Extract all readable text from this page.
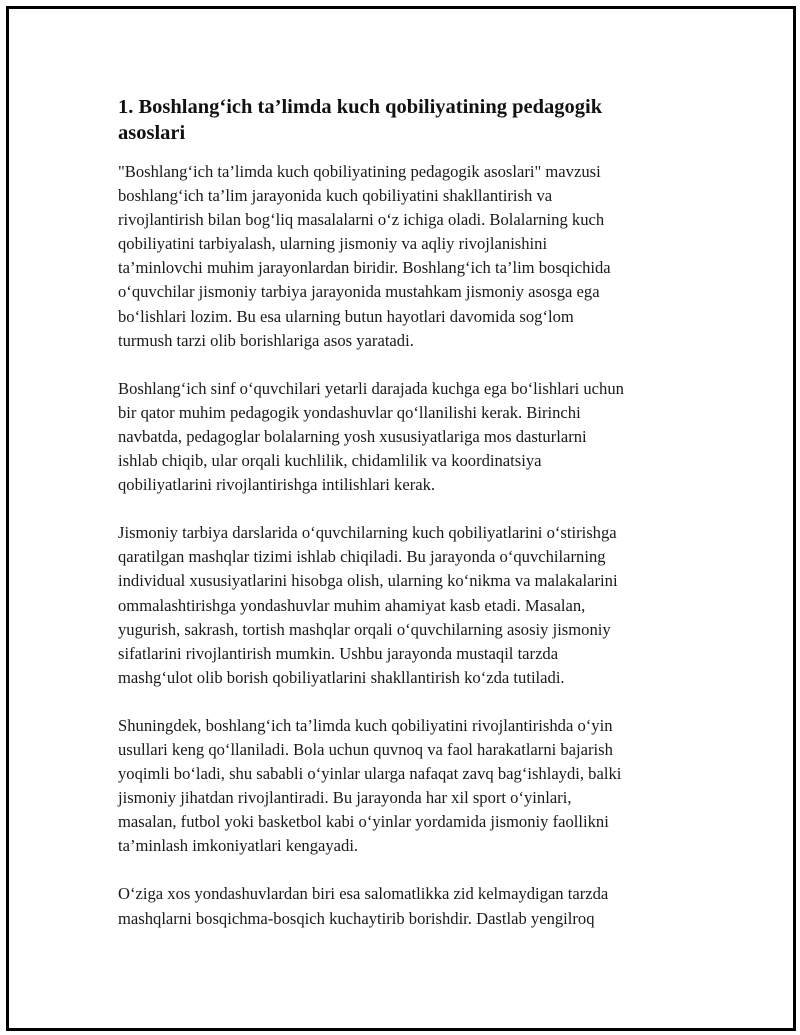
1. Boshlang‘ich ta’limda kuch qobiliyatining pedagogik
asoslari

"Boshlang‘ich ta’limda kuch qobiliyatining pedagogik asoslari" mavzusi
boshlang‘ich ta’lim jarayonida kuch qobiliyatini shakllantirish va
rivojlantirish bilan bog‘liq masalalarni o‘z ichiga oladi. Bolalarning kuch
qobiliyatini tarbiyalash, ularning jismoniy va aqliy rivojlanishini
ta’minlovchi muhim jarayonlardan biridir. Boshlang‘ich ta’lim bosqichida
o‘quvchilar jismoniy tarbiya jarayonida mustahkam jismoniy asosga ega
bo‘lishlari lozim. Bu esa ularning butun hayotlari davomida sog‘lom
turmush tarzi olib borishlariga asos yaratadi.

Boshlang‘ich sinf o‘quvchilari yetarli darajada kuchga ega bo‘lishlari uchun
bir qator muhim pedagogik yondashuvlar qo‘llanilishi kerak. Birinchi
navbatda, pedagoglar bolalarning yosh xususiyatlariga mos dasturlarni
ishlab chiqib, ular orqali kuchlilik, chidamlilik va koordinatsiya
qobiliyatlarini rivojlantirishga intilishlari kerak.

Jismoniy tarbiya darslarida o‘quvchilarning kuch qobiliyatlarini o‘stirishga
qaratilgan mashqlar tizimi ishlab chiqiladi. Bu jarayonda o‘quvchilarning
individual xususiyatlarini hisobga olish, ularning ko‘nikma va malakalarini
ommalashtirishga yondashuvlar muhim ahamiyat kasb etadi. Masalan,
yugurish, sakrash, tortish mashqlar orqali o‘quvchilarning asosiy jismoniy
sifatlarini rivojlantirish mumkin. Ushbu jarayonda mustaqil tarzda
mashg‘ulot olib borish qobiliyatlarini shakllantirish ko‘zda tutiladi.

Shuningdek, boshlang‘ich ta’limda kuch qobiliyatini rivojlantirishda o‘yin
usullari keng qo‘llaniladi. Bola uchun quvnoq va faol harakatlarni bajarish
yoqimli bo‘ladi, shu sababli o‘yinlar ularga nafaqat zavq bag‘ishlaydi, balki
jismoniy jihatdan rivojlantiradi. Bu jarayonda har xil sport o‘yinlari,
masalan, futbol yoki basketbol kabi o‘yinlar yordamida jismoniy faollikni
ta’minlash imkoniyatlari kengayadi.

O‘ziga xos yondashuvlardan biri esa salomatlikka zid kelmaydigan tarzda
mashqlarni bosqichma-bosqich kuchaytirib borishdir. Dastlab yengilroq
